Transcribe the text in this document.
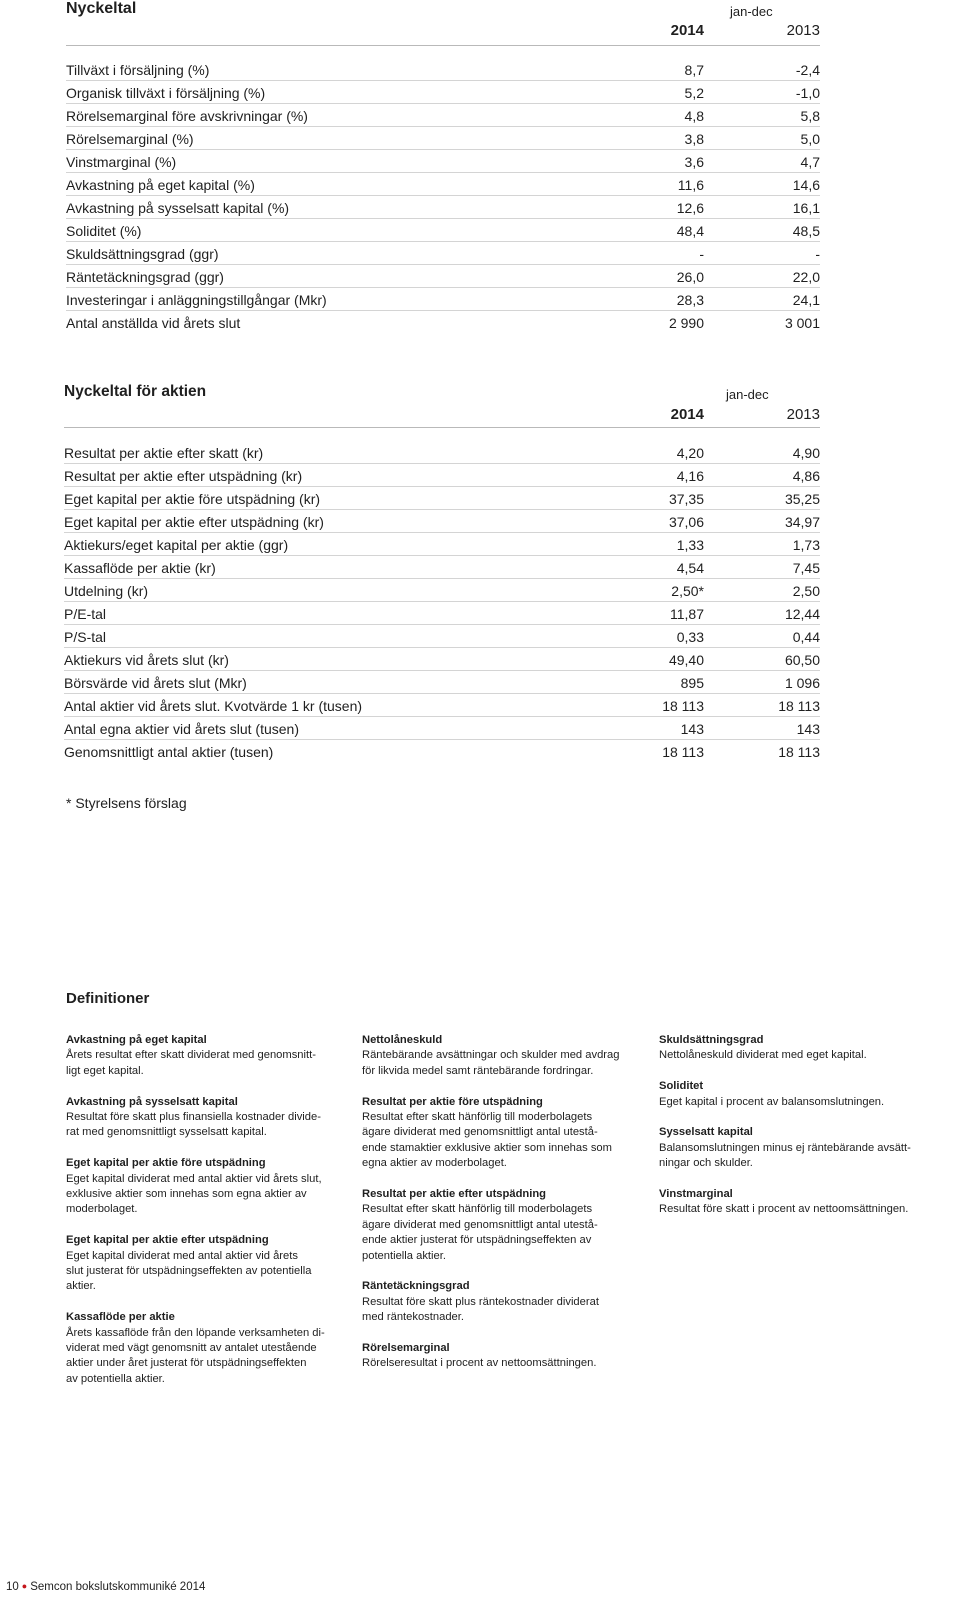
Nyckeltal	jan-dec
2014	2013
Tillväxt i försäljning (%)	8,7	-2,4
Organisk tillväxt i försäljning (%)	5,2	-1,0
Rörelsemarginal före avskrivningar (%)	4,8	5,8
Rörelsemarginal (%)	3,8	5,0
Vinstmarginal (%)	3,6	4,7
Avkastning på eget kapital (%)	11,6	14,6
Avkastning på sysselsatt kapital (%)	12,6	16,1
Soliditet (%)	48,4	48,5
Skuldsättningsgrad (ggr)	-	-
Räntetäckningsgrad (ggr)	26,0	22,0
Investeringar i anläggningstillgångar (Mkr)	28,3	24,1
Antal anställda vid årets slut	2 990	3 001
Nyckeltal för aktien	jan-dec
2014	2013
Resultat per aktie efter skatt (kr)	4,20	4,90
Resultat per aktie efter utspädning (kr)	4,16	4,86
Eget kapital per aktie före utspädning (kr)	37,35	35,25
Eget kapital per aktie efter utspädning (kr)	37,06	34,97
Aktiekurs/eget kapital per aktie (ggr)	1,33	1,73
Kassaflöde per aktie (kr)	4,54	7,45
Utdelning (kr)	2,50*	2,50
P/E-tal	11,87	12,44
P/S-tal	0,33	0,44
Aktiekurs vid årets slut (kr)	49,40	60,50
Börsvärde vid årets slut (Mkr)	895	1 096
Antal aktier vid årets slut. Kvotvärde 1 kr (tusen)	18 113	18 113
Antal egna aktier vid årets slut (tusen)	143	143
Genomsnittligt antal aktier (tusen)	18 113	18 113
* Styrelsens förslag
Definitioner
Avkastning på eget kapital
Årets resultat efter skatt dividerat med genomsnitt-
ligt eget kapital.
Avkastning på sysselsatt kapital
Resultat före skatt plus finansiella kostnader divide-
rat med genomsnittligt sysselsatt kapital.
Eget kapital per aktie före utspädning
Eget kapital dividerat med antal aktier vid årets slut,
exklusive aktier som innehas som egna aktier av
moderbolaget.
Eget kapital per aktie efter utspädning
Eget kapital dividerat med antal aktier vid årets
slut justerat för utspädningseffekten av potentiella
aktier.
Kassaflöde per aktie
Årets kassaflöde från den löpande verksamheten di-
viderat med vägt genomsnitt av antalet utestående
aktier under året justerat för utspädningseffekten
av potentiella aktier.
Nettolåneskuld
Räntebärande avsättningar och skulder med avdrag
för likvida medel samt räntebärande fordringar.
Resultat per aktie före utspädning
Resultat efter skatt hänförlig till moderbolagets
ägare dividerat med genomsnittligt antal utestå-
ende stamaktier exklusive aktier som innehas som
egna aktier av moderbolaget.
Resultat per aktie efter utspädning
Resultat efter skatt hänförlig till moderbolagets
ägare dividerat med genomsnittligt antal utestå-
ende aktier justerat för utspädningseffekten av
potentiella aktier.
Räntetäckningsgrad
Resultat före skatt plus räntekostnader dividerat
med räntekostnader.
Rörelsemarginal
Rörelseresultat i procent av nettoomsättningen.
Skuldsättningsgrad
Nettolåneskuld dividerat med eget kapital.
Soliditet
Eget kapital i procent av balansomslutningen.
Sysselsatt kapital
Balansomslutningen minus ej räntebärande avsätt-
ningar och skulder.
Vinstmarginal
Resultat före skatt i procent av nettoomsättningen.
10 ● Semcon bokslutskommuniké 2014
